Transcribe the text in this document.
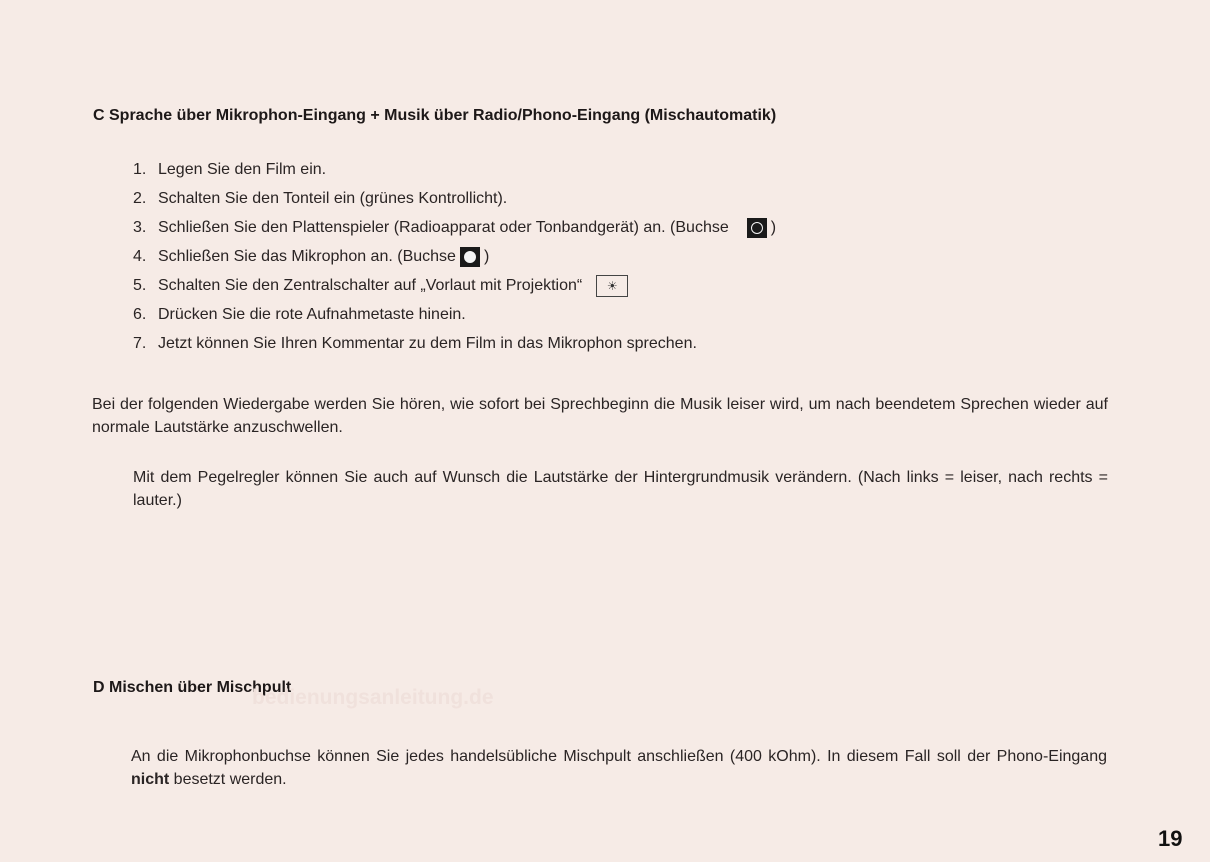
C Sprache über Mikrophon-Eingang + Musik über Radio/Phono-Eingang (Mischautomatik)
1. Legen Sie den Film ein.
2. Schalten Sie den Tonteil ein (grünes Kontrollicht).
3. Schließen Sie den Plattenspieler (Radioapparat oder Tonbandgerät) an. (Buchse	)
4. Schließen Sie das Mikrophon an. (Buchse )
5. Schalten Sie den Zentralschalter auf „Vorlaut mit Projektion“	☀
6. Drücken Sie die rote Aufnahmetaste hinein.
7. Jetzt können Sie Ihren Kommentar zu dem Film in das Mikrophon sprechen.

Bei der folgenden Wiedergabe werden Sie hören, wie sofort bei Sprechbeginn die Musik leiser wird, um nach beendetem Sprechen wieder auf normale Lautstärke anzuschwellen.

Mit dem Pegelregler können Sie auch auf Wunsch die Lautstärke der Hintergrundmusik verändern. (Nach links = leiser, nach rechts = lauter.)

D Mischen über Mischpult
bedienungsanleitung.de

An die Mikrophonbuchse können Sie jedes handelsübliche Mischpult anschließen (400 kOhm). In diesem Fall soll der Phono-Eingang nicht besetzt werden.

19
